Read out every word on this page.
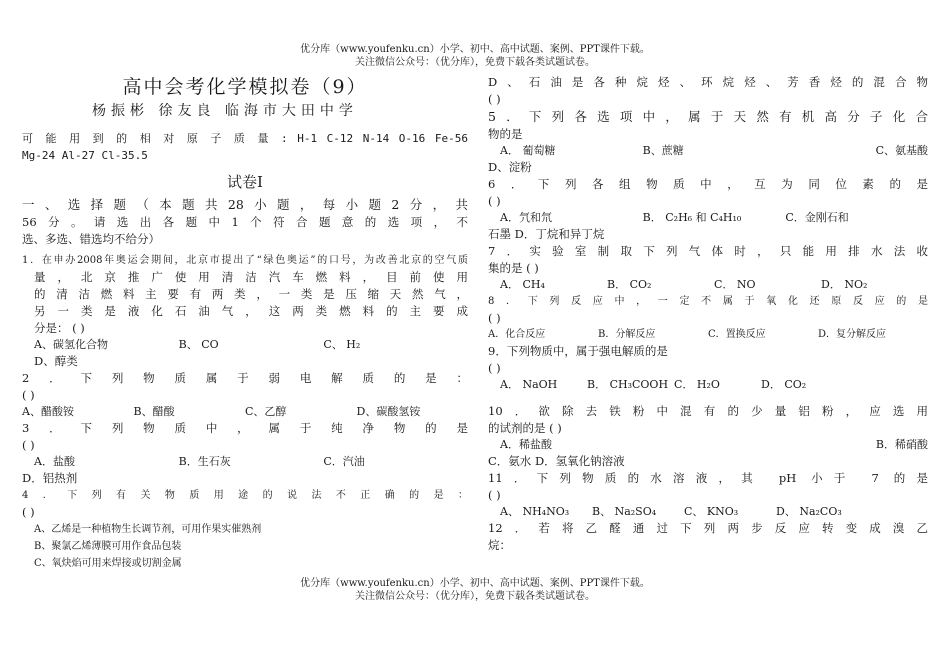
优分库（www.youfenku.cn）小学、初中、高中试题、案例、PPT课件下载。
关注微信公众号：（优分库），免费下载各类试题试卷。
高中会考化学模拟卷（9）
杨振彬 徐友良 临海市大田中学
可 能 用 到 的 相 对 原 子 质 量 : H-1 C-12 N-14 O-16 Fe-56
Mg-24 Al-27 Cl-35.5
试卷Ⅰ
一、选择题（本题共28小题，每小题2分，共
56分。请选出各题中1个符合题意的选项，不
选、多选、错选均不给分）
1．在申办2008年奥运会期间，北京市提出了“绿色奥运”的口号，为改善北京的空气质
量，北京推广使用清洁汽车燃料，目前使用
的清洁燃料主要有两类，一类是压缩天然气，
另一类是液化石油气，这两类燃料的主要成
分是： ( )
A、碳氢化合物	B、 CO	C、 H₂
D、醇类
2．下列物质属于弱电解质的是：
( )
A、醋酸铵	B、醋酸	C、乙醇	D、碳酸氢铵
3．下列物质中，属于纯净物的是
( )
A．盐酸	B．生石灰	C．汽油
D．铝热剂
4．下列有关物质用途的说法不正确的是：
( )
A、乙烯是一种植物生长调节剂，可用作果实催熟剂
B、聚氯乙烯薄膜可用作食品包装
C、氧炔焰可用来焊接或切割金属
D、石油是各种烷烃、环烷烃、芳香烃的混合物
( )
5．下列各选项中，属于天然有机高分子化合
物的是
A． 葡萄糖	B、蔗糖	C、氨基酸
D、淀粉
6．下列各组物质中，互为同位素的是
( )
A．氕和氘	B． C₂H₆ 和 C₄H₁₀	C．金刚石和
石墨 D．丁烷和异丁烷
7．实验室制取下列气体时，只能用排水法收
集的是 ( )
A． CH₄	B． CO₂	C． NO	D． NO₂
8．下列反应中，一定不属于氧化还原反应的是
( )
A．化合反应	B．分解反应	C．置换反应	D．复分解反应
9．下列物质中，属于强电解质的是
( )
A． NaOH	B． CH₃COOH C． H₂O	D． CO₂
10．欲除去铁粉中混有的少量铝粉，应选用
的试剂的是 ( )
A．稀盐酸	B．稀硝酸
C．氨水 D．氢氧化钠溶液
11．下列物质的水溶液，其 pH 小于 7 的是
( )
A、 NH₄NO₃	B、 Na₂SO₄	C、 KNO₃	D、 Na₂CO₃
12．若将乙醛通过下列两步反应转变成溴乙
烷：
优分库（www.youfenku.cn）小学、初中、高中试题、案例、PPT课件下载。
关注微信公众号：（优分库），免费下载各类试题试卷。
